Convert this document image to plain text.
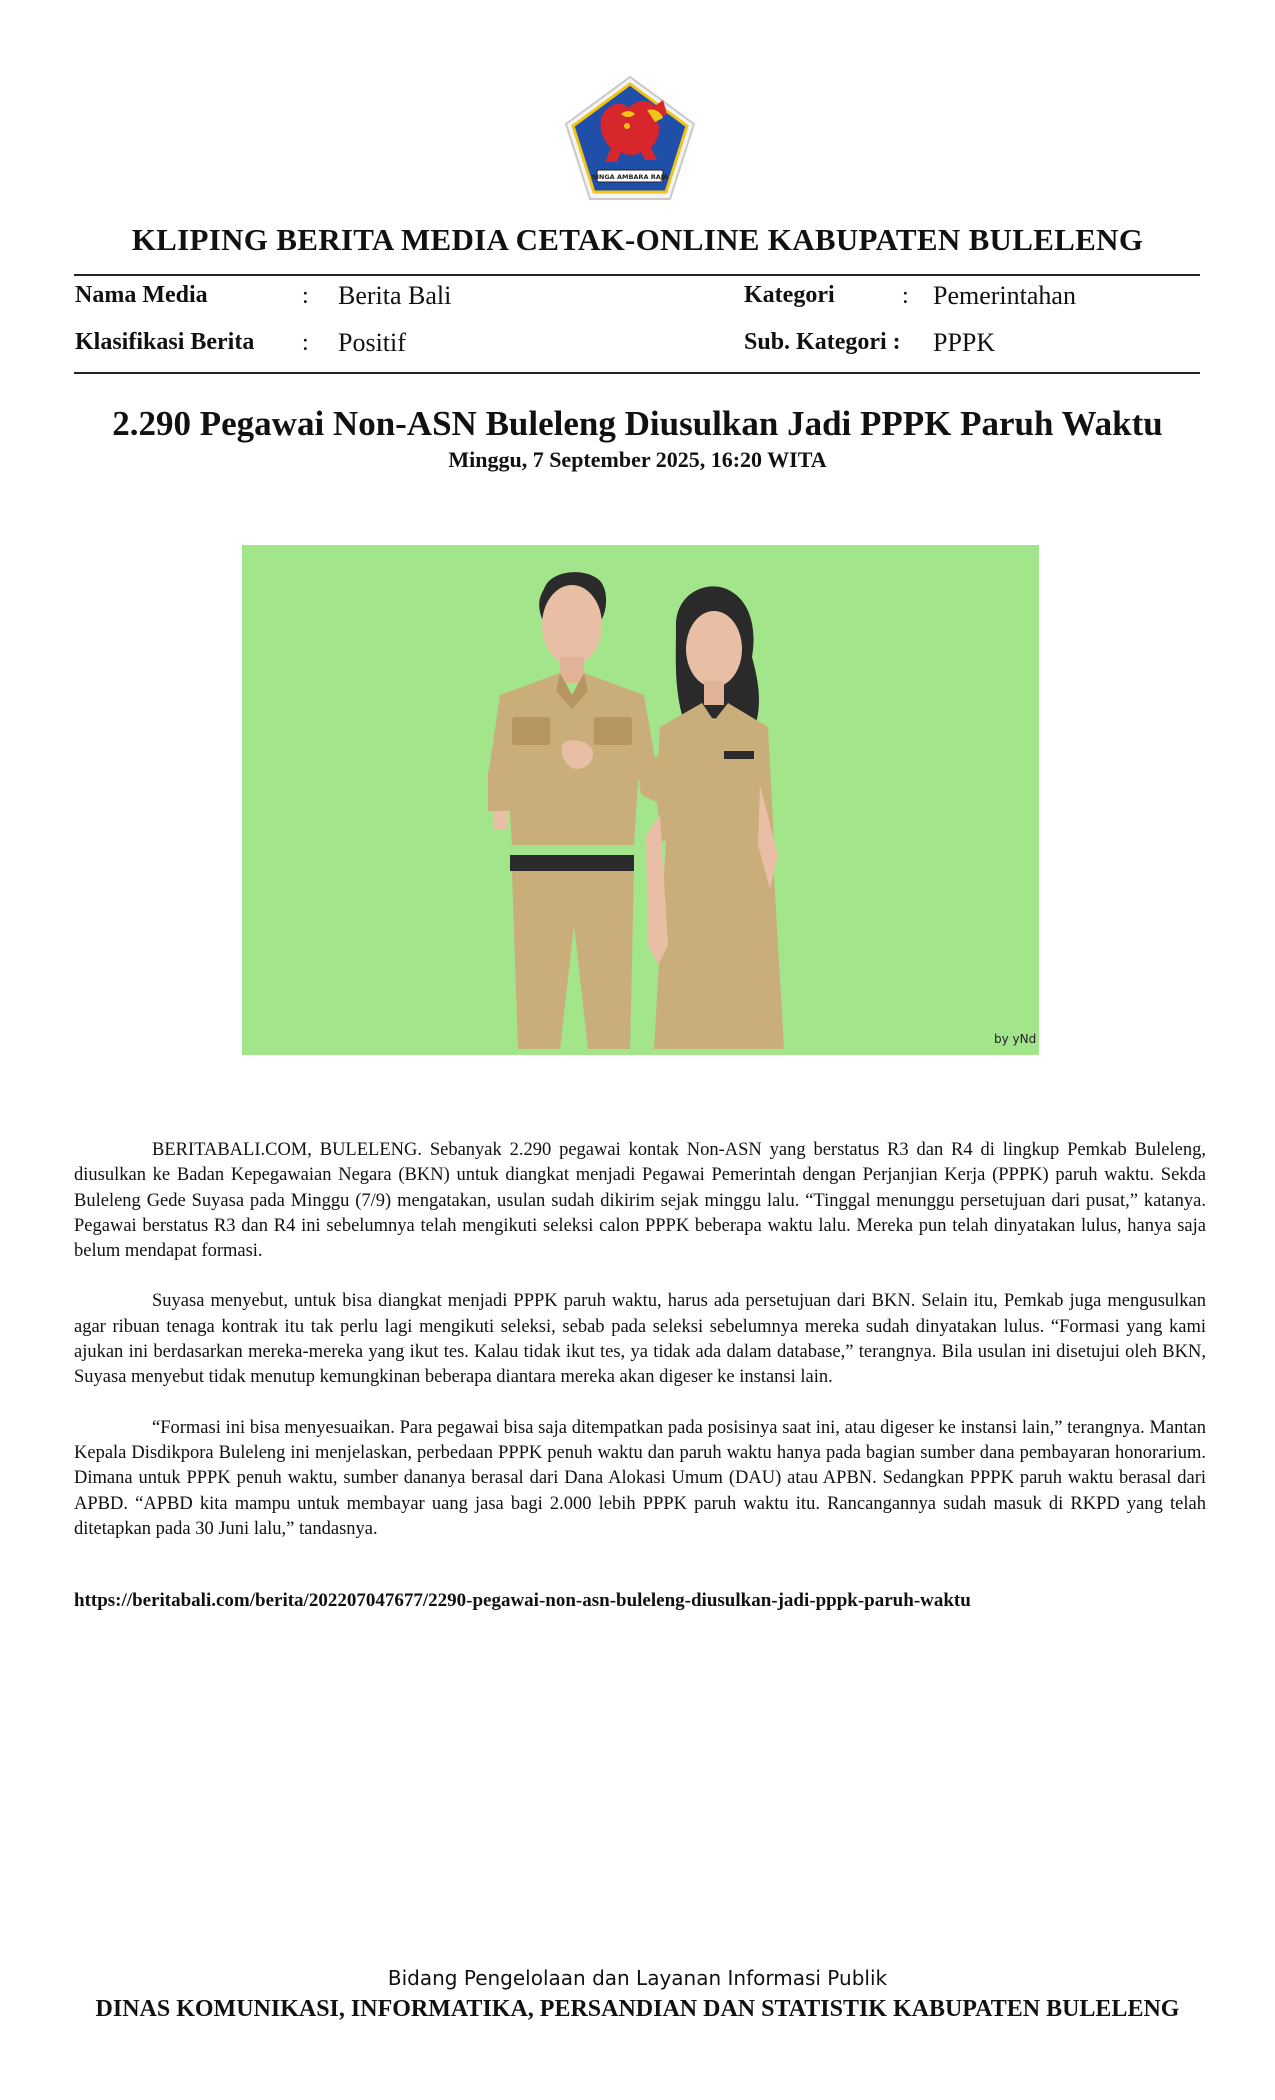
SINGA AMBARA RAJA
KLIPING BERITA MEDIA CETAK-ONLINE KABUPATEN BULELENG
Nama Media	: Berita Bali	Kategori	: Pemerintahan
Klasifikasi Berita : Positif	Sub. Kategori : PPPK
2.290 Pegawai Non-ASN Buleleng Diusulkan Jadi PPPK Paruh Waktu
Minggu, 7 September 2025, 16:20 WITA
by yNd

BERITABALI.COM, BULELENG. Sebanyak 2.290 pegawai kontak Non-ASN yang berstatus R3 dan R4 di lingkup Pemkab Buleleng, diusulkan ke Badan Kepegawaian Negara (BKN) untuk diangkat menjadi Pegawai Pemerintah dengan Perjanjian Kerja (PPPK) paruh waktu. Sekda Buleleng Gede Suyasa pada Minggu (7/9) mengatakan, usulan sudah dikirim sejak minggu lalu. “Tinggal menunggu persetujuan dari pusat,” katanya. Pegawai berstatus R3 dan R4 ini sebelumnya telah mengikuti seleksi calon PPPK beberapa waktu lalu. Mereka pun telah dinyatakan lulus, hanya saja belum mendapat formasi.

Suyasa menyebut, untuk bisa diangkat menjadi PPPK paruh waktu, harus ada persetujuan dari BKN. Selain itu, Pemkab juga mengusulkan agar ribuan tenaga kontrak itu tak perlu lagi mengikuti seleksi, sebab pada seleksi sebelumnya mereka sudah dinyatakan lulus. “Formasi yang kami ajukan ini berdasarkan mereka-mereka yang ikut tes. Kalau tidak ikut tes, ya tidak ada dalam database,” terangnya. Bila usulan ini disetujui oleh BKN, Suyasa menyebut tidak menutup kemungkinan beberapa diantara mereka akan digeser ke instansi lain.

“Formasi ini bisa menyesuaikan. Para pegawai bisa saja ditempatkan pada posisinya saat ini, atau digeser ke instansi lain,” terangnya. Mantan Kepala Disdikpora Buleleng ini menjelaskan, perbedaan PPPK penuh waktu dan paruh waktu hanya pada bagian sumber dana pembayaran honorarium. Dimana untuk PPPK penuh waktu, sumber dananya berasal dari Dana Alokasi Umum (DAU) atau APBN. Sedangkan PPPK paruh waktu berasal dari APBD. “APBD kita mampu untuk membayar uang jasa bagi 2.000 lebih PPPK paruh waktu itu. Rancangannya sudah masuk di RKPD yang telah ditetapkan pada 30 Juni lalu,” tandasnya.

https://beritabali.com/berita/202207047677/2290-pegawai-non-asn-buleleng-diusulkan-jadi-pppk-paruh-waktu
Bidang Pengelolaan dan Layanan Informasi Publik
DINAS KOMUNIKASI, INFORMATIKA, PERSANDIAN DAN STATISTIK KABUPATEN BULELENG
